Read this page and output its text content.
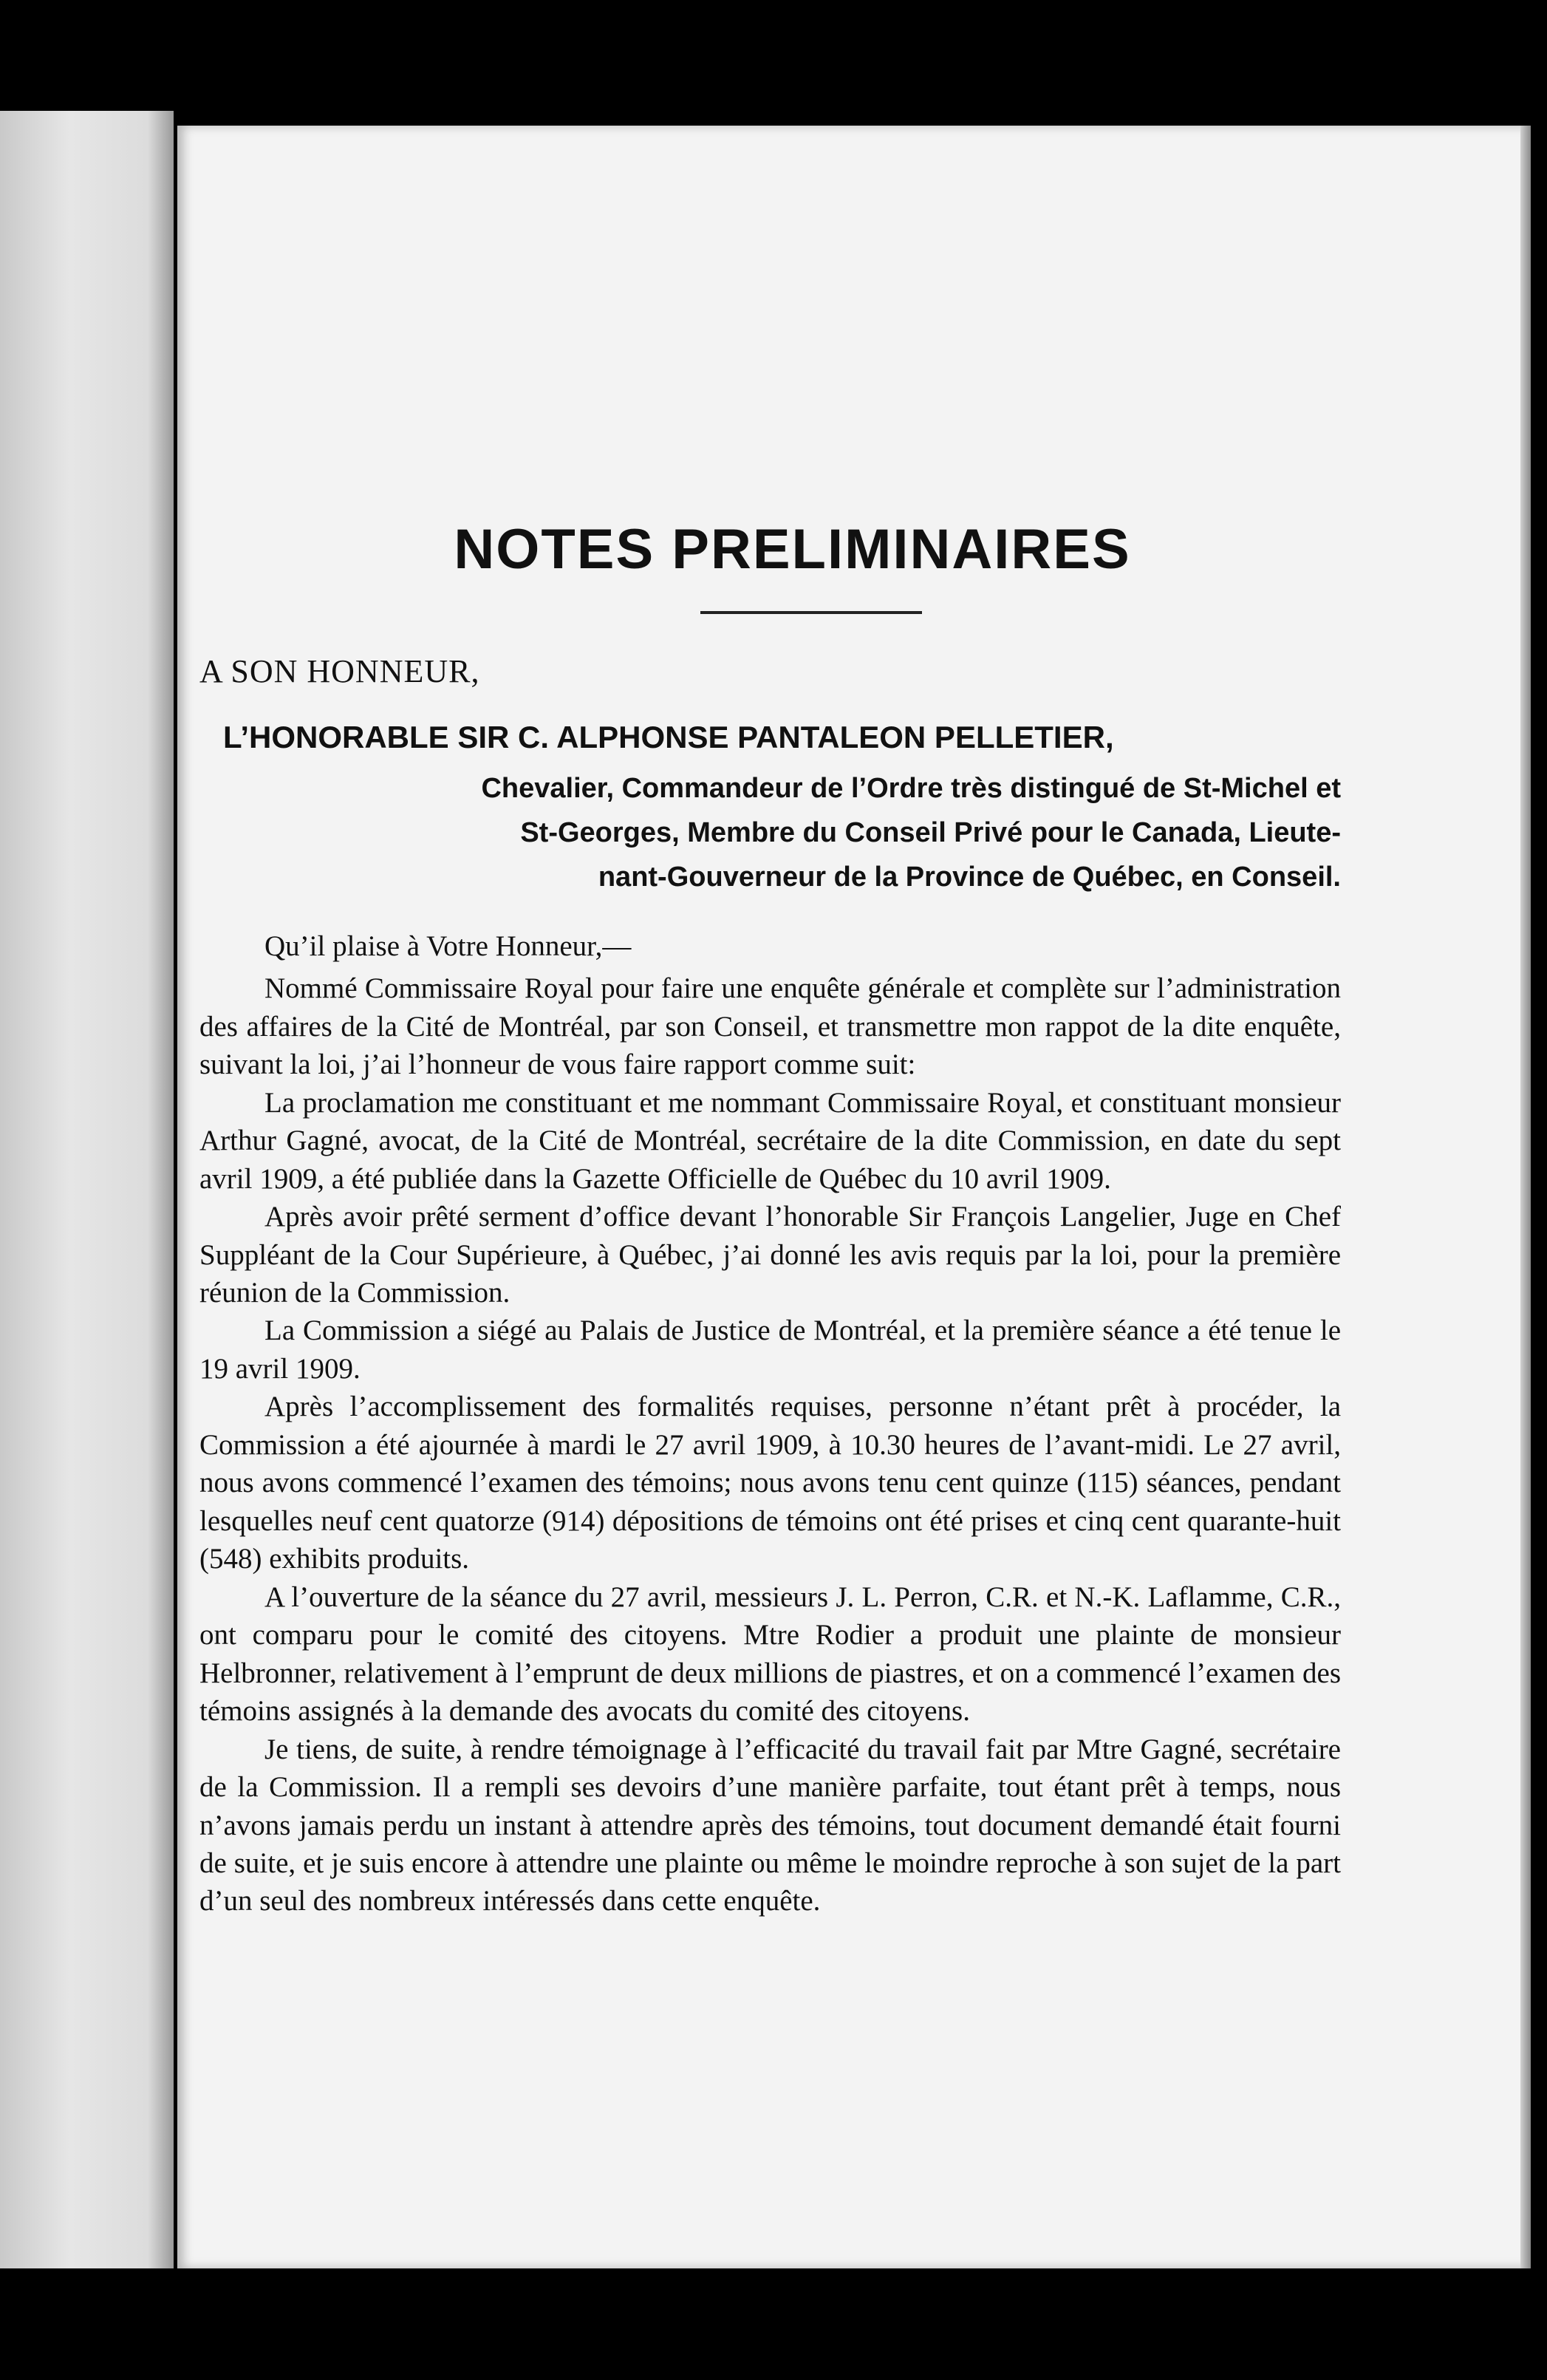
NOTES PRELIMINAIRES
A SON HONNEUR,
L’HONORABLE SIR C. ALPHONSE PANTALEON PELLETIER,
Chevalier, Commandeur de l’Ordre très distingué de St-Michel et
St-Georges, Membre du Conseil Privé pour le Canada, Lieute-
nant-Gouverneur de la Province de Québec, en Conseil.

Qu’il plaise à Votre Honneur,—

Nommé Commissaire Royal pour faire une enquête générale et complète sur l’administration des affaires de la Cité de Montréal, par son Conseil, et transmettre mon rappot de la dite enquête, suivant la loi, j’ai l’honneur de vous faire rapport comme suit:

La proclamation me constituant et me nommant Commissaire Royal, et constituant monsieur Arthur Gagné, avocat, de la Cité de Montréal, secrétaire de la dite Commission, en date du sept avril 1909, a été publiée dans la Gazette Officielle de Québec du 10 avril 1909.

Après avoir prêté serment d’office devant l’honorable Sir François Langelier, Juge en Chef Suppléant de la Cour Supérieure, à Québec, j’ai donné les avis requis par la loi, pour la première réunion de la Commission.

La Commission a siégé au Palais de Justice de Montréal, et la première séance a été tenue le 19 avril 1909.

Après l’accomplissement des formalités requises, personne n’étant prêt à procéder, la Commission a été ajournée à mardi le 27 avril 1909, à 10.30 heures de l’avant-midi. Le 27 avril, nous avons commencé l’examen des témoins; nous avons tenu cent quinze (115) séances, pendant lesquelles neuf cent quatorze (914) dépositions de témoins ont été prises et cinq cent quarante-huit (548) exhibits produits.

A l’ouverture de la séance du 27 avril, messieurs J. L. Perron, C.R. et N.-K. Laflamme, C.R., ont comparu pour le comité des citoyens. Mtre Rodier a produit une plainte de monsieur Helbronner, relativement à l’emprunt de deux millions de piastres, et on a commencé l’examen des témoins assignés à la demande des avocats du comité des citoyens.

Je tiens, de suite, à rendre témoignage à l’efficacité du travail fait par Mtre Gagné, secrétaire de la Commission. Il a rempli ses devoirs d’une manière parfaite, tout étant prêt à temps, nous n’avons jamais perdu un instant à attendre après des témoins, tout document demandé était fourni de suite, et je suis encore à attendre une plainte ou même le moindre reproche à son sujet de la part d’un seul des nombreux intéressés dans cette enquête.
